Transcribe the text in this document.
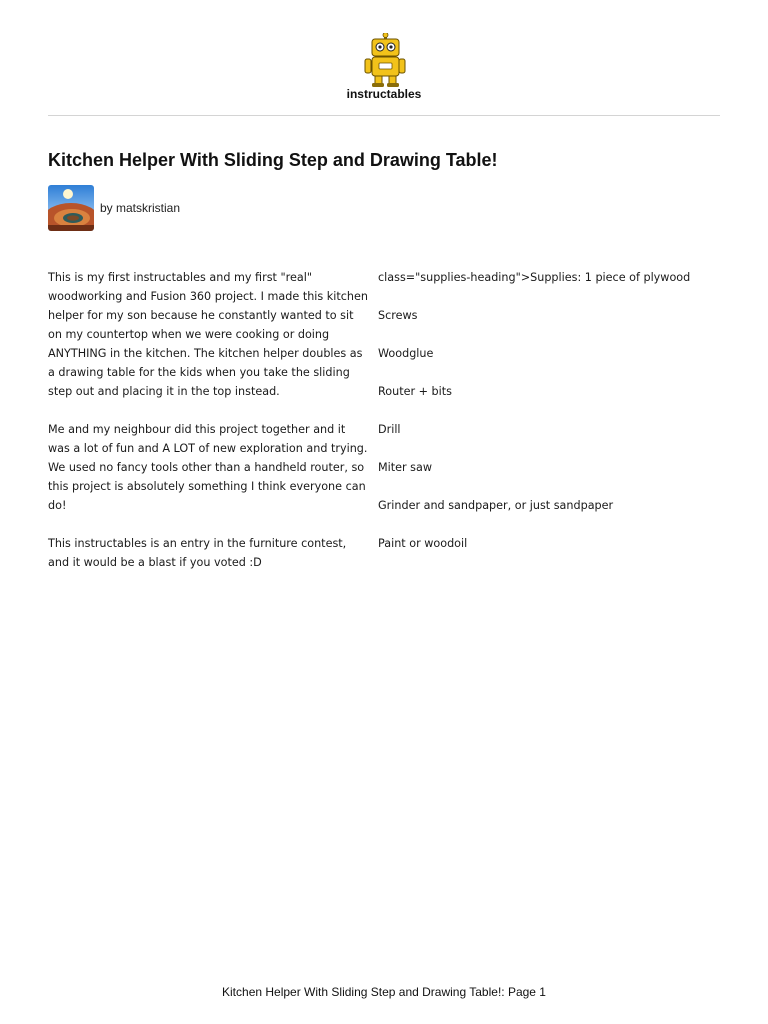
instructables
Kitchen Helper With Sliding Step and Drawing Table!
by matskristian

This is my first instructables and my first "real" woodworking and Fusion 360 project. I made this kitchen helper for my son because he constantly wanted to sit on my countertop when we were cooking or doing ANYTHING in the kitchen. The kitchen helper doubles as a drawing table for the kids when you take the sliding step out and placing it in the top instead.

Me and my neighbour did this project together and it was a lot of fun and A LOT of new exploration and trying. We used no fancy tools other than a handheld router, so this project is absolutely something I think everyone can do!

This instructables is an entry in the furniture contest, and it would be a blast if you voted :D

class="supplies-heading">Supplies: 1 piece of plywood
Screws
Woodglue
Router + bits
Drill
Miter saw
Grinder and sandpaper, or just sandpaper
Paint or woodoil
Kitchen Helper With Sliding Step and Drawing Table!: Page 1
